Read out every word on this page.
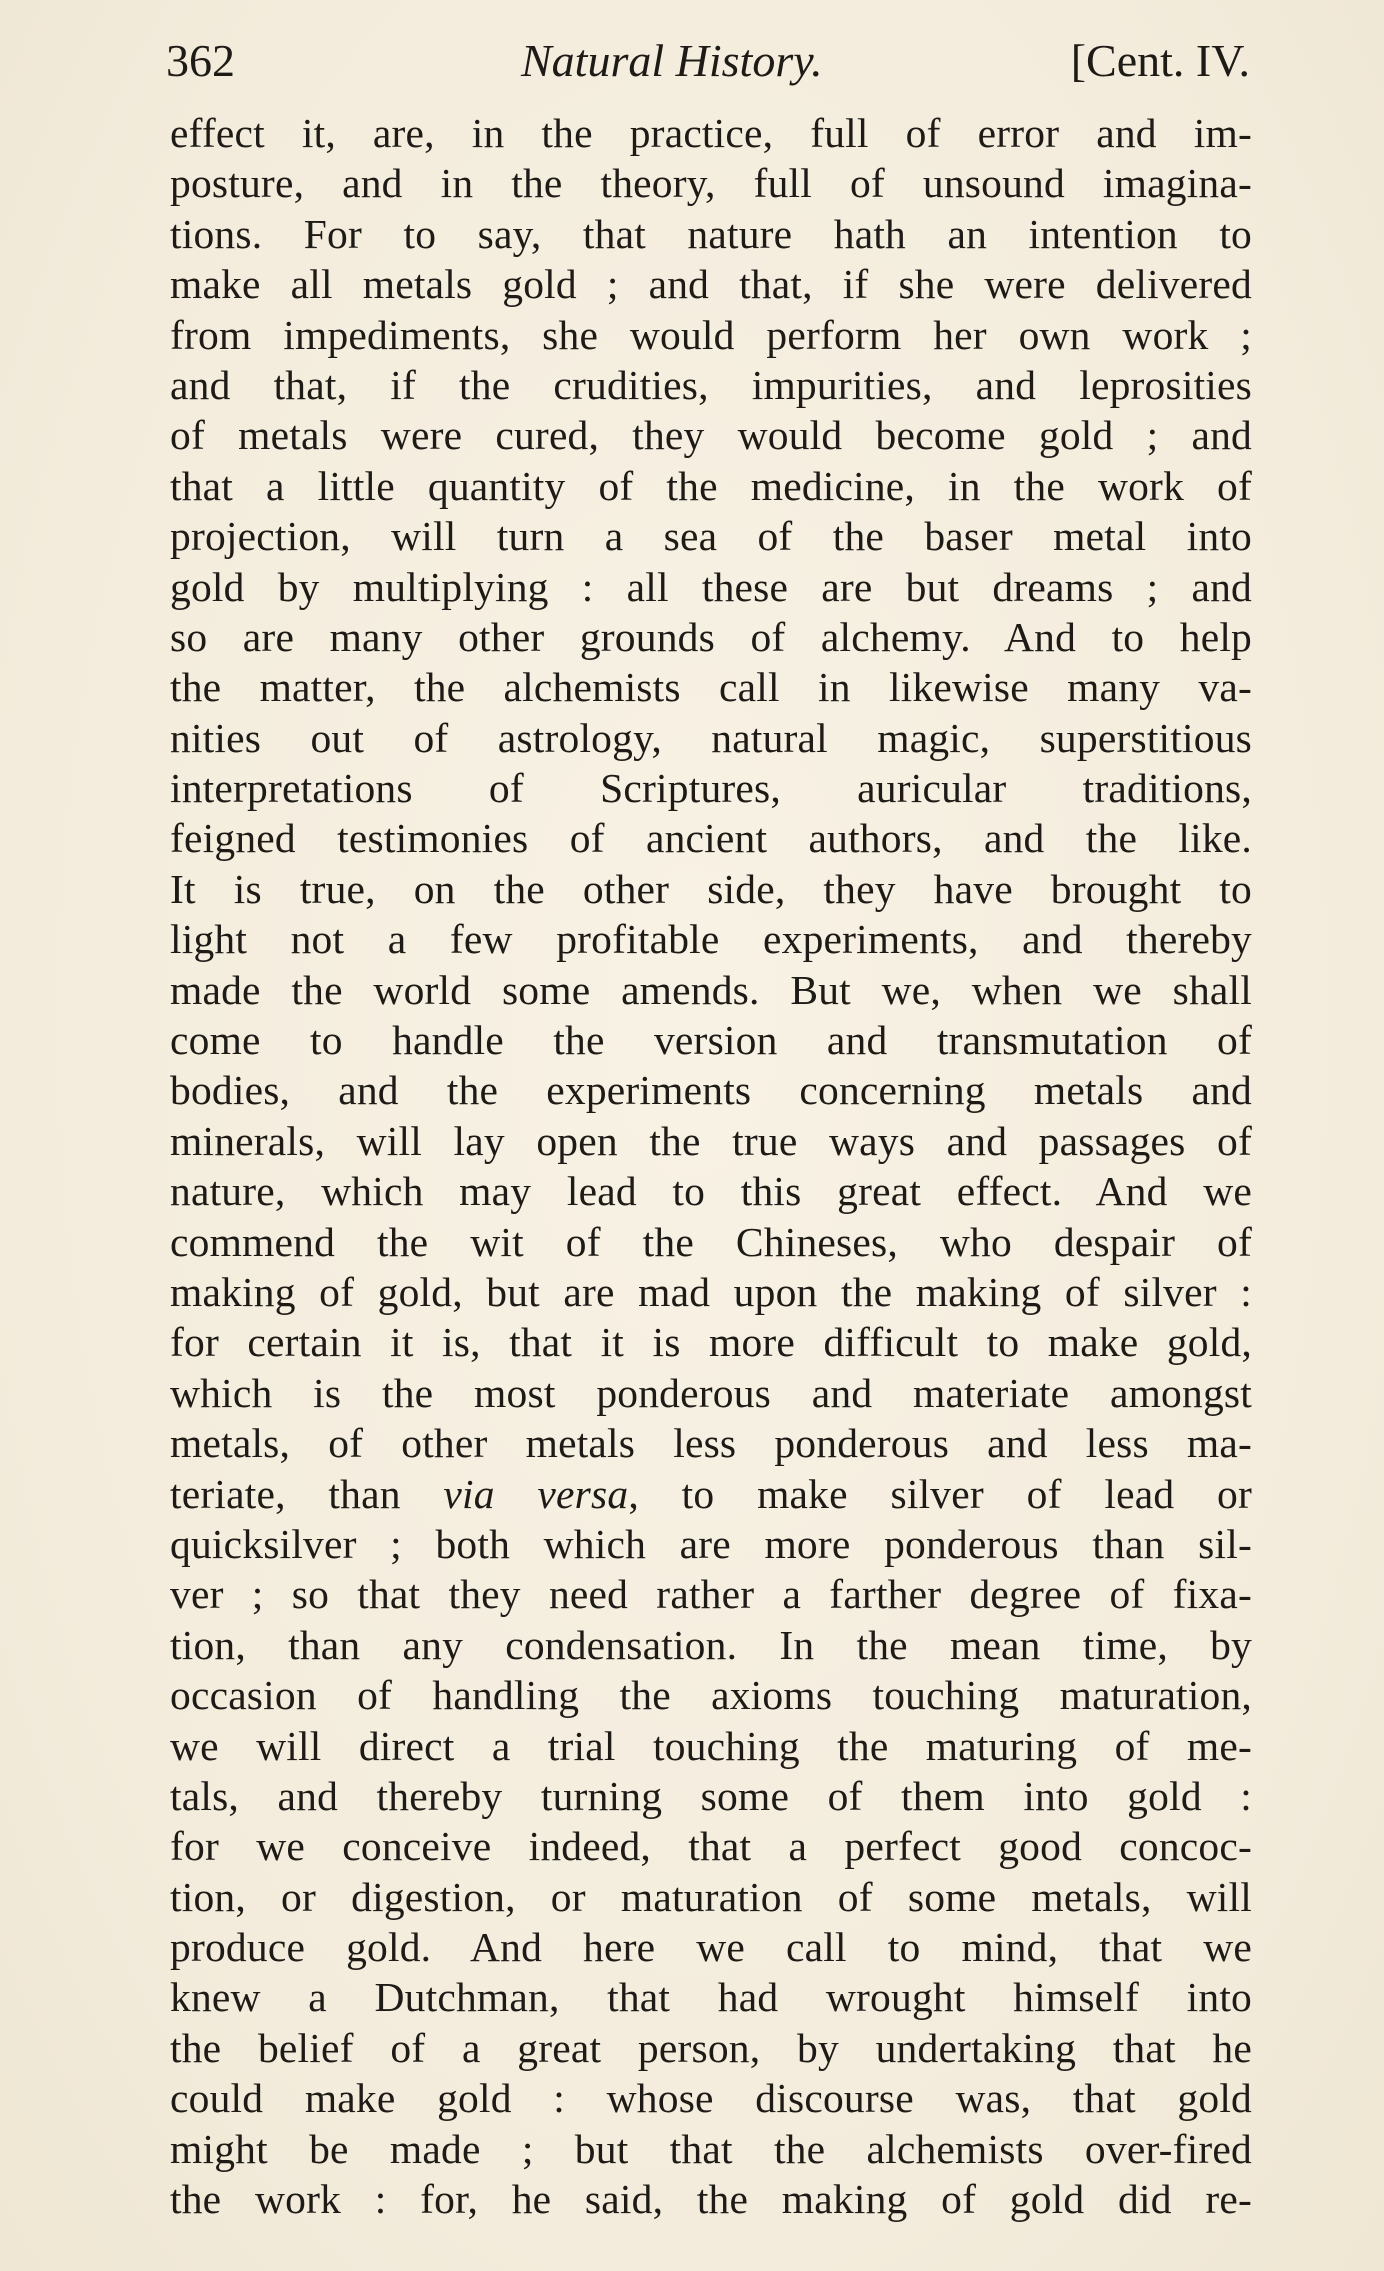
362	Natural History.	[Cent. IV.
effect it, are, in the practice, full of error and im-
posture, and in the theory, full of unsound imagina-
tions. For to say, that nature hath an intention to
make all metals gold ; and that, if she were delivered
from impediments, she would perform her own work ;
and that, if the crudities, impurities, and leprosities
of metals were cured, they would become gold ; and
that a little quantity of the medicine, in the work of
projection, will turn a sea of the baser metal into
gold by multiplying : all these are but dreams ; and
so are many other grounds of alchemy. And to help
the matter, the alchemists call in likewise many va-
nities out of astrology, natural magic, superstitious
interpretations of Scriptures, auricular traditions,
feigned testimonies of ancient authors, and the like.
It is true, on the other side, they have brought to
light not a few profitable experiments, and thereby
made the world some amends. But we, when we shall
come to handle the version and transmutation of
bodies, and the experiments concerning metals and
minerals, will lay open the true ways and passages of
nature, which may lead to this great effect. And we
commend the wit of the Chineses, who despair of
making of gold, but are mad upon the making of silver :
for certain it is, that it is more difficult to make gold,
which is the most ponderous and materiate amongst
metals, of other metals less ponderous and less ma-
teriate, than via versa, to make silver of lead or
quicksilver ; both which are more ponderous than sil-
ver ; so that they need rather a farther degree of fixa-
tion, than any condensation. In the mean time, by
occasion of handling the axioms touching maturation,
we will direct a trial touching the maturing of me-
tals, and thereby turning some of them into gold :
for we conceive indeed, that a perfect good concoc-
tion, or digestion, or maturation of some metals, will
produce gold. And here we call to mind, that we
knew a Dutchman, that had wrought himself into
the belief of a great person, by undertaking that he
could make gold : whose discourse was, that gold
might be made ; but that the alchemists over-fired
the work : for, he said, the making of gold did re-
